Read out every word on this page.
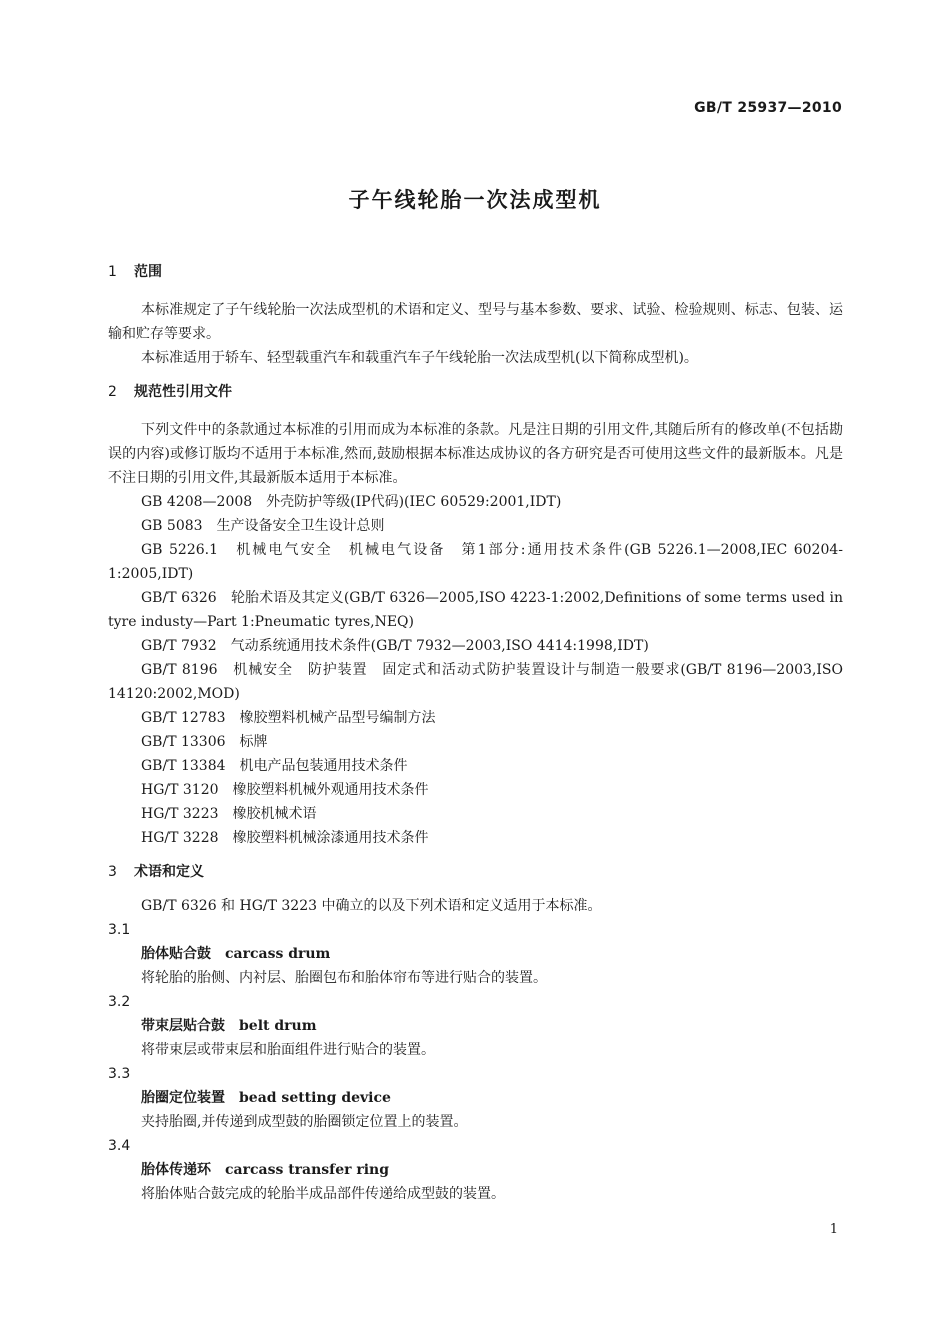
GB/T 25937—2010
子午线轮胎一次法成型机
1 范围
本标准规定了子午线轮胎一次法成型机的术语和定义、型号与基本参数、要求、试验、检验规则、标志、包装、运输和贮存等要求。
本标准适用于轿车、轻型载重汽车和载重汽车子午线轮胎一次法成型机(以下简称成型机)。
2 规范性引用文件
下列文件中的条款通过本标准的引用而成为本标准的条款。凡是注日期的引用文件,其随后所有的修改单(不包括勘误的内容)或修订版均不适用于本标准,然而,鼓励根据本标准达成协议的各方研究是否可使用这些文件的最新版本。凡是不注日期的引用文件,其最新版本适用于本标准。
GB 4208—2008　外壳防护等级(IP代码)(IEC 60529:2001,IDT)
GB 5083　生产设备安全卫生设计总则
GB 5226.1　机械电气安全　机械电气设备　第1部分:通用技术条件(GB 5226.1—2008,IEC 60204-1:2005,IDT)
GB/T 6326　轮胎术语及其定义(GB/T 6326—2005,ISO 4223-1:2002,Definitions of some terms used in tyre industy—Part 1:Pneumatic tyres,NEQ)
GB/T 7932　气动系统通用技术条件(GB/T 7932—2003,ISO 4414:1998,IDT)
GB/T 8196　机械安全　防护装置　固定式和活动式防护装置设计与制造一般要求(GB/T 8196—2003,ISO 14120:2002,MOD)
GB/T 12783　橡胶塑料机械产品型号编制方法
GB/T 13306　标牌
GB/T 13384　机电产品包装通用技术条件
HG/T 3120　橡胶塑料机械外观通用技术条件
HG/T 3223　橡胶机械术语
HG/T 3228　橡胶塑料机械涂漆通用技术条件
3 术语和定义
GB/T 6326 和 HG/T 3223 中确立的以及下列术语和定义适用于本标准。
3.1
胎体贴合鼓 carcass drum
将轮胎的胎侧、内衬层、胎圈包布和胎体帘布等进行贴合的装置。
3.2
带束层贴合鼓 belt drum
将带束层或带束层和胎面组件进行贴合的装置。
3.3
胎圈定位装置 bead setting device
夹持胎圈,并传递到成型鼓的胎圈锁定位置上的装置。
3.4
胎体传递环 carcass transfer ring
将胎体贴合鼓完成的轮胎半成品部件传递给成型鼓的装置。
1
